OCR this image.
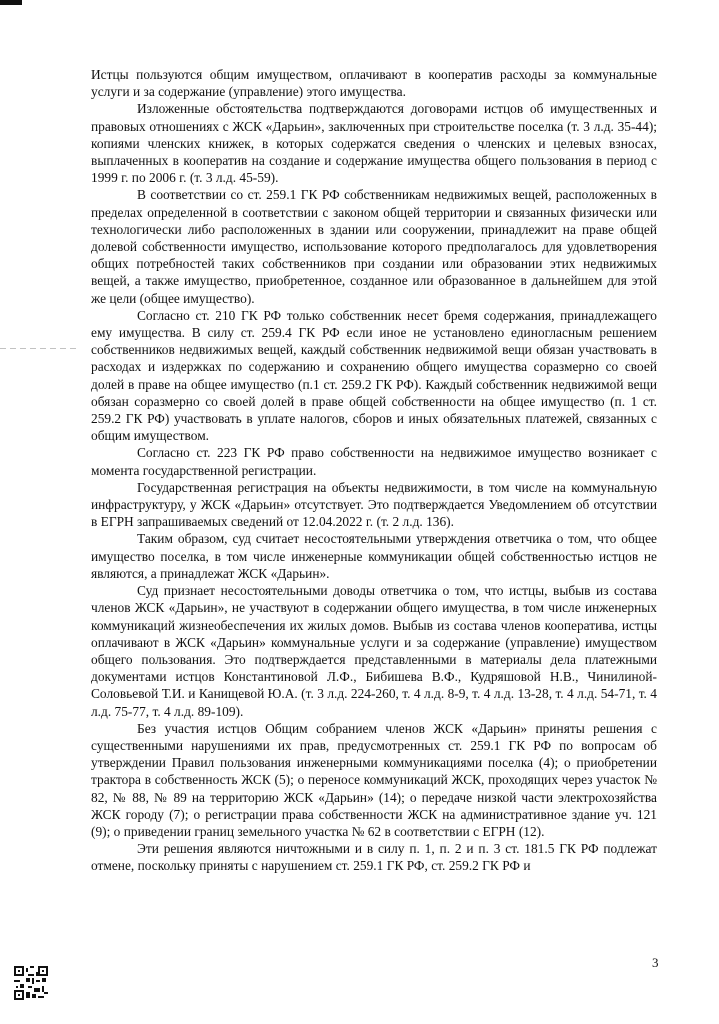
Истцы пользуются общим имуществом, оплачивают в кооператив расходы за коммунальные услуги и за содержание (управление) этого имущества.

Изложенные обстоятельства подтверждаются договорами истцов об имущественных и правовых отношениях с ЖСК «Дарьин», заключенных при строительстве поселка (т. 3 л.д. 35-44); копиями членских книжек, в которых содержатся сведения о членских и целевых взносах, выплаченных в кооператив на создание и содержание имущества общего пользования в период с 1999 г. по 2006 г. (т. 3 л.д. 45-59).

В соответствии со ст. 259.1 ГК РФ собственникам недвижимых вещей, расположенных в пределах определенной в соответствии с законом общей территории и связанных физически или технологически либо расположенных в здании или сооружении, принадлежит на праве общей долевой собственности имущество, использование которого предполагалось для удовлетворения общих потребностей таких собственников при создании или образовании этих недвижимых вещей, а также имущество, приобретенное, созданное или образованное в дальнейшем для этой же цели (общее имущество).

Согласно ст. 210 ГК РФ только собственник несет бремя содержания, принадлежащего ему имущества. В силу ст. 259.4 ГК РФ если иное не установлено единогласным решением собственников недвижимых вещей, каждый собственник недвижимой вещи обязан участвовать в расходах и издержках по содержанию и сохранению общего имущества соразмерно со своей долей в праве на общее имущество (п.1 ст. 259.2 ГК РФ). Каждый собственник недвижимой вещи обязан соразмерно со своей долей в праве общей собственности на общее имущество (п. 1 ст. 259.2 ГК РФ) участвовать в уплате налогов, сборов и иных обязательных платежей, связанных с общим имуществом.

Согласно ст. 223 ГК РФ право собственности на недвижимое имущество возникает с момента государственной регистрации.

Государственная регистрация на объекты недвижимости, в том числе на коммунальную инфраструктуру, у ЖСК «Дарьин» отсутствует. Это подтверждается Уведомлением об отсутствии в ЕГРН запрашиваемых сведений от 12.04.2022 г. (т. 2 л.д. 136).

Таким образом, суд считает несостоятельными утверждения ответчика о том, что общее имущество поселка, в том числе инженерные коммуникации общей собственностью истцов не являются, а принадлежат ЖСК «Дарьин».

Суд признает несостоятельными доводы ответчика о том, что истцы, выбыв из состава членов ЖСК «Дарьин», не участвуют в содержании общего имущества, в том числе инженерных коммуникаций жизнеобеспечения их жилых домов. Выбыв из состава членов кооператива, истцы оплачивают в ЖСК «Дарьин» коммунальные услуги и за содержание (управление) имуществом общего пользования. Это подтверждается представленными в материалы дела платежными документами истцов Константиновой Л.Ф., Бибишева В.Ф., Кудряшовой Н.В., Чинилиной-Соловьевой Т.И. и Канищевой Ю.А. (т. 3 л.д. 224-260, т. 4 л.д. 8-9, т. 4 л.д. 13-28, т. 4 л.д. 54-71, т. 4 л.д. 75-77, т. 4 л.д. 89-109).

Без участия истцов Общим собранием членов ЖСК «Дарьин» приняты решения с существенными нарушениями их прав, предусмотренных ст. 259.1 ГК РФ по вопросам об утверждении Правил пользования инженерными коммуникациями поселка (4); о приобретении трактора в собственность ЖСК (5); о переносе коммуникаций ЖСК, проходящих через участок № 82, № 88, № 89 на территорию ЖСК «Дарьин» (14); о передаче низкой части электрохозяйства ЖСК городу (7); о регистрации права собственности ЖСК на административное здание уч. 121 (9); о приведении границ земельного участка № 62 в соответствии с ЕГРН (12).

Эти решения являются ничтожными и в силу п. 1, п. 2 и п. 3 ст. 181.5 ГК РФ подлежат отмене, поскольку приняты с нарушением ст. 259.1 ГК РФ, ст. 259.2 ГК РФ и

3
